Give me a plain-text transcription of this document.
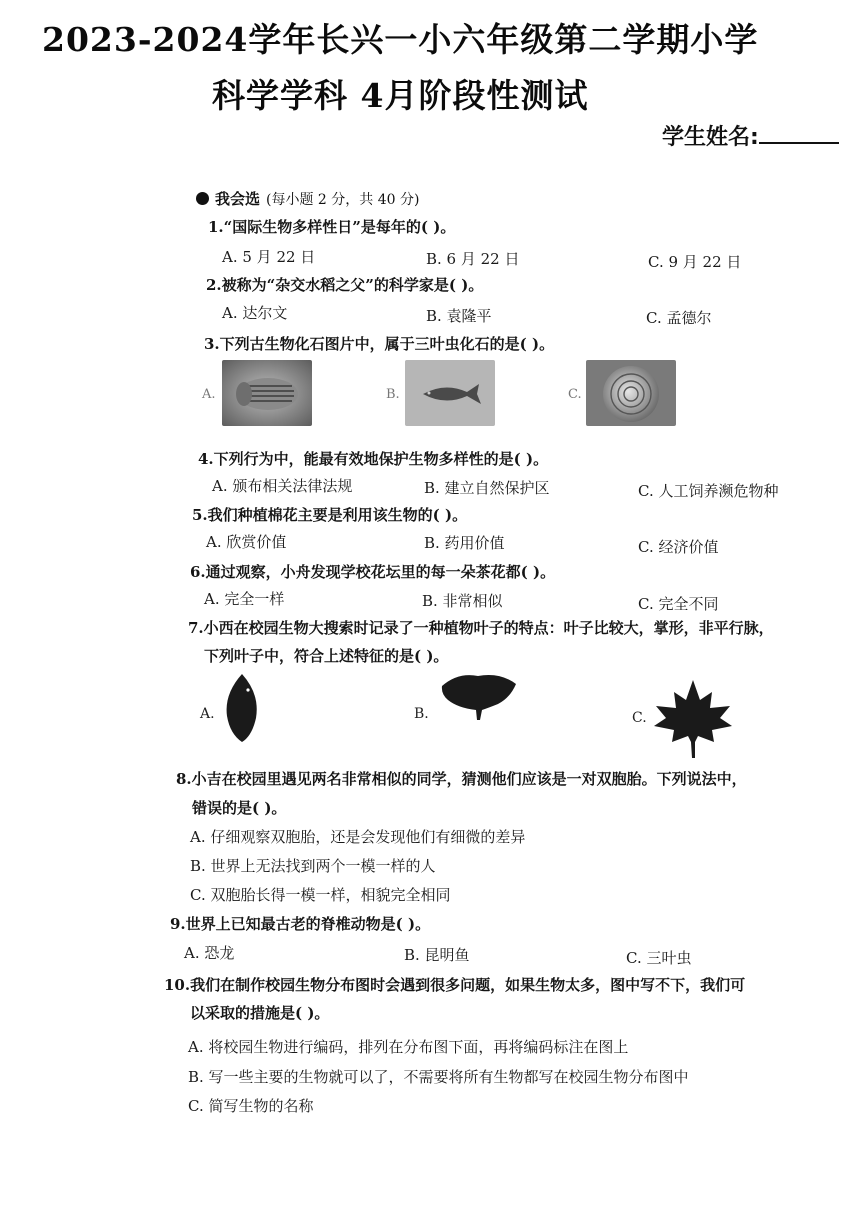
2023-2024学年长兴一小六年级第二学期小学
科学学科 4月阶段性测试
学生姓名:
我会选 (每小题 2 分，共 40 分)
1.“国际生物多样性日”是每年的( )。
A. 5 月 22 日	B. 6 月 22 日	C. 9 月 22 日
2.被称为“杂交水稻之父”的科学家是( )。
A. 达尔文	B. 袁隆平	C. 孟德尔
3.下列古生物化石图片中，属于三叶虫化石的是( )。
A.	B.	C.
4.下列行为中，能最有效地保护生物多样性的是( )。
A. 颁布相关法律法规	B. 建立自然保护区	C. 人工饲养濒危物种
5.我们种植棉花主要是利用该生物的( )。
A. 欣赏价值	B. 药用价值	C. 经济价值
6.通过观察，小舟发现学校花坛里的每一朵茶花都( )。
A. 完全一样	B. 非常相似	C. 完全不同
7.小西在校园生物大搜索时记录了一种植物叶子的特点：叶子比较大，掌形，非平行脉，
下列叶子中，符合上述特征的是( )。
A.	B.	C.
8.小吉在校园里遇见两名非常相似的同学，猜测他们应该是一对双胞胎。下列说法中，
错误的是( )。
A. 仔细观察双胞胎，还是会发现他们有细微的差异
B. 世界上无法找到两个一模一样的人
C. 双胞胎长得一模一样，相貌完全相同
9.世界上已知最古老的脊椎动物是( )。
A. 恐龙	B. 昆明鱼	C. 三叶虫
10.我们在制作校园生物分布图时会遇到很多问题，如果生物太多，图中写不下，我们可
以采取的措施是( )。
A. 将校园生物进行编码，排列在分布图下面，再将编码标注在图上
B. 写一些主要的生物就可以了，不需要将所有生物都写在校园生物分布图中
C. 简写生物的名称
